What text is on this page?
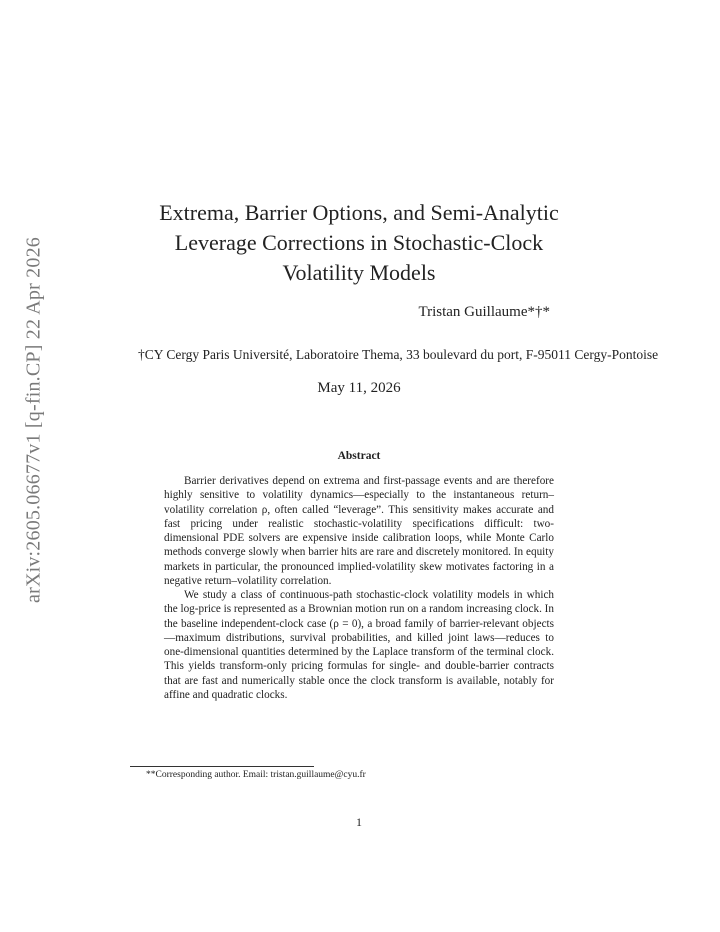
arXiv:2605.06677v1 [q-fin.CP] 22 Apr 2026
Extrema, Barrier Options, and Semi-Analytic
Leverage Corrections in Stochastic-Clock
Volatility Models
Tristan Guillaume*†*
†CY Cergy Paris Université, Laboratoire Thema, 33 boulevard du port, F-95011 Cergy-Pontoise
May 11, 2026
Abstract

Barrier derivatives depend on extrema and first-passage events and are therefore highly sensitive to volatility dynamics—especially to the instantaneous return–volatility correlation ρ, often called “leverage”. This sensitivity makes accurate and fast pricing under realistic stochastic-volatility specifications difficult: two-dimensional PDE solvers are expensive inside calibration loops, while Monte Carlo methods converge slowly when barrier hits are rare and discretely monitored. In equity markets in particular, the pronounced implied-volatility skew motivates factoring in a negative return–volatility correlation.

We study a class of continuous-path stochastic-clock volatility models in which the log-price is represented as a Brownian motion run on a random increasing clock. In the baseline independent-clock case (ρ = 0), a broad family of barrier-relevant objects—maximum distributions, survival probabilities, and killed joint laws—reduces to one-dimensional quantities determined by the Laplace transform of the terminal clock. This yields transform-only pricing formulas for single- and double-barrier contracts that are fast and numerically stable once the clock transform is available, notably for affine and quadratic clocks.

**Corresponding author. Email: tristan.guillaume@cyu.fr
1
